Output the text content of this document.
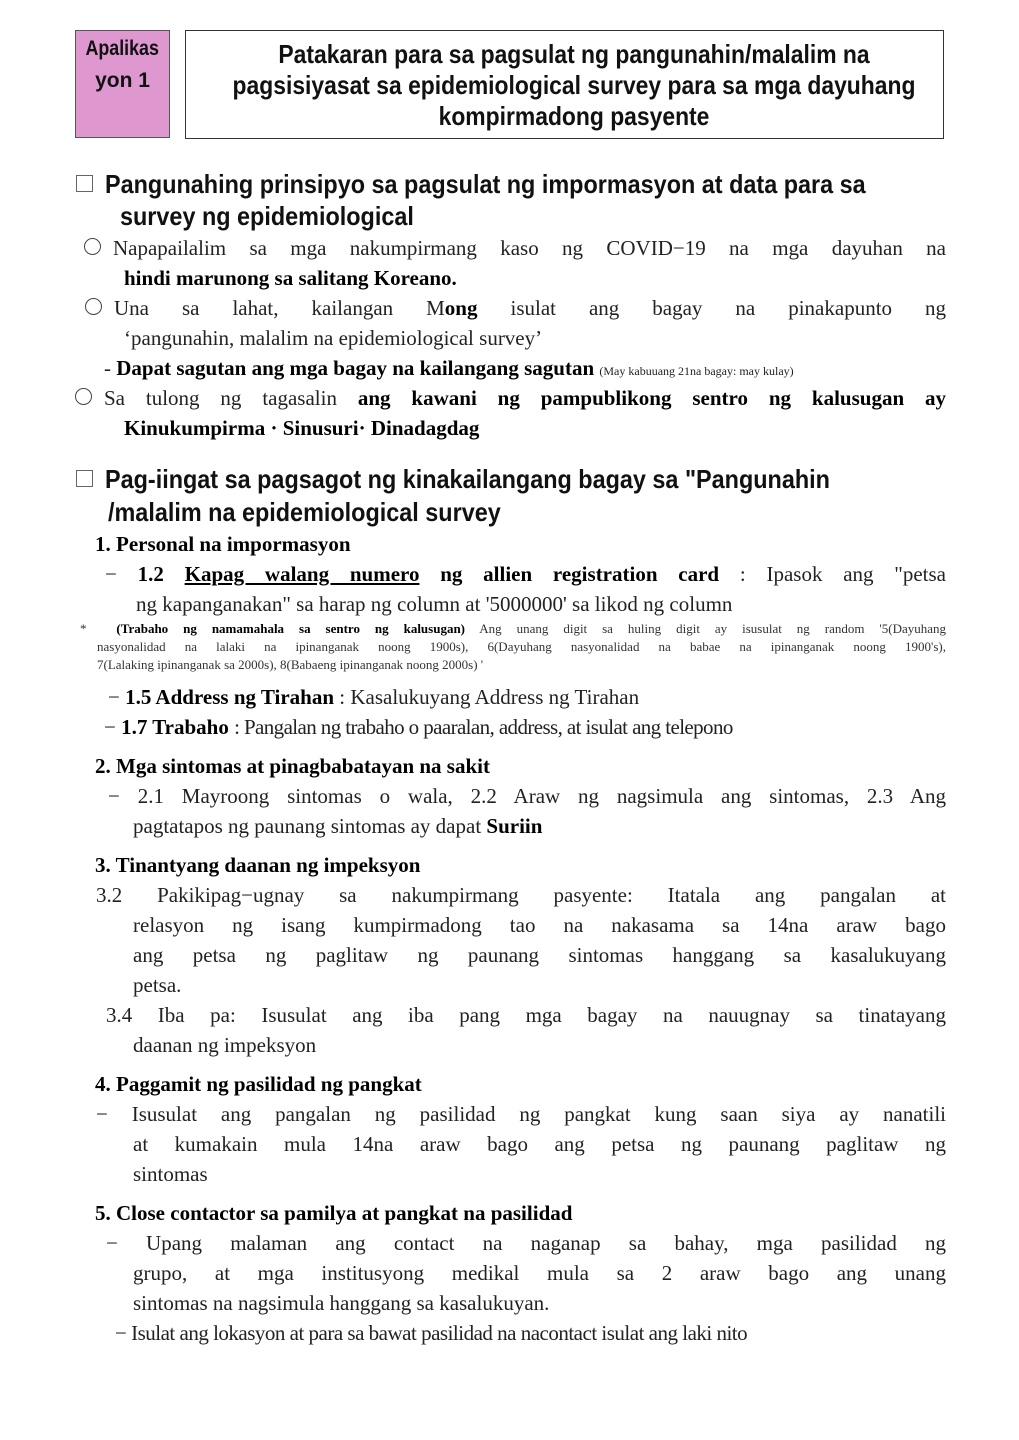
Apalikas
yon 1
Patakaran para sa pagsulat ng pangunahin/malalim na
pagsisiyasat sa epidemiological survey para sa mga dayuhang
kompirmadong pasyente
Pangunahing prinsipyo sa pagsulat ng impormasyon at data para sa
survey ng epidemiological
Napapailalim sa mga nakumpirmang kaso ng COVID−19 na mga dayuhan na
hindi marunong sa salitang Koreano.
Una sa lahat, kailangan Mong isulat ang bagay na pinakapunto ng
‘pangunahin, malalim na epidemiological survey’
- Dapat sagutan ang mga bagay na kailangang sagutan (May kabuuang 21na bagay: may kulay)
Sa tulong ng tagasalin ang kawani ng pampublikong sentro ng kalusugan ay
Kinukumpirma · Sinusuri· Dinadagdag
Pag-iingat sa pagsagot ng kinakailangang bagay sa "Pangunahin
/malalim na epidemiological survey
1. Personal na impormasyon
− 1.2 Kapag walang numero ng allien registration card : Ipasok ang "petsa
ng kapanganakan" sa harap ng column at '5000000' sa likod ng column
* (Trabaho ng namamahala sa sentro ng kalusugan) Ang unang digit sa huling digit ay isusulat ng random '5(Dayuhang
nasyonalidad na lalaki na ipinanganak noong 1900s), 6(Dayuhang nasyonalidad na babae na ipinanganak noong 1900's),
7(Lalaking ipinanganak sa 2000s), 8(Babaeng ipinanganak noong 2000s) '
− 1.5 Address ng Tirahan : Kasalukuyang Address ng Tirahan
− 1.7 Trabaho : Pangalan ng trabaho o paaralan, address, at isulat ang telepono
2. Mga sintomas at pinagbabatayan na sakit
− 2.1 Mayroong sintomas o wala, 2.2 Araw ng nagsimula ang sintomas, 2.3 Ang
pagtatapos ng paunang sintomas ay dapat Suriin
3. Tinantyang daanan ng impeksyon
3.2 Pakikipag−ugnay sa nakumpirmang pasyente: Itatala ang pangalan at
relasyon ng isang kumpirmadong tao na nakasama sa 14na araw bago
ang petsa ng paglitaw ng paunang sintomas hanggang sa kasalukuyang
petsa.
3.4 Iba pa: Isusulat ang iba pang mga bagay na nauugnay sa tinatayang
daanan ng impeksyon
4. Paggamit ng pasilidad ng pangkat
− Isusulat ang pangalan ng pasilidad ng pangkat kung saan siya ay nanatili
at kumakain mula 14na araw bago ang petsa ng paunang paglitaw ng
sintomas
5. Close contactor sa pamilya at pangkat na pasilidad
− Upang malaman ang contact na naganap sa bahay, mga pasilidad ng
grupo, at mga institusyong medikal mula sa 2 araw bago ang unang
sintomas na nagsimula hanggang sa kasalukuyan.
− Isulat ang lokasyon at para sa bawat pasilidad na nacontact isulat ang laki nito
